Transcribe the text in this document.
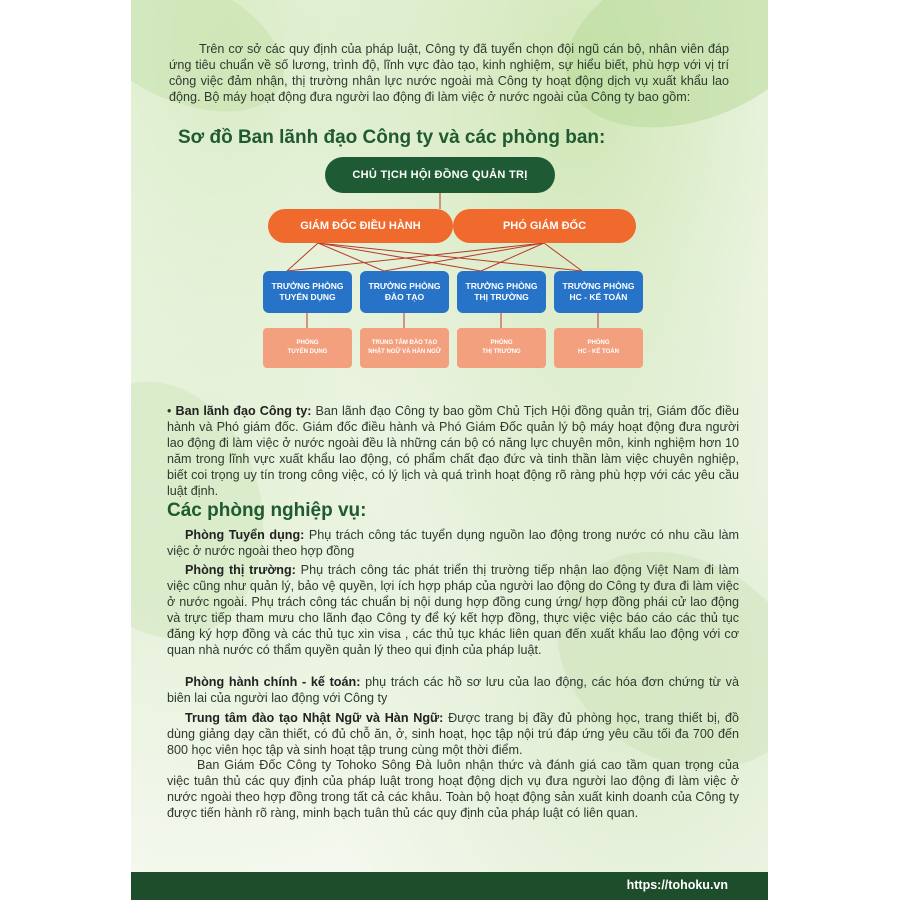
Trên cơ sở các quy định của pháp luật, Công ty đã tuyển chọn đội ngũ cán bộ, nhân viên đáp ứng tiêu chuẩn về số lương, trình độ, lĩnh vực đào tạo, kinh nghiệm, sự hiểu biết, phù hợp với vị trí công việc đảm nhận, thị trường nhân lực nước ngoài mà Công ty hoạt động dịch vụ xuất khẩu lao động. Bộ máy hoạt động đưa người lao động đi làm việc ở nước ngoài của Công ty bao gồm:

Sơ đồ Ban lãnh đạo Công ty và các phòng ban:
CHỦ TỊCH HỘI ĐỒNG QUẢN TRỊ
GIÁM ĐỐC ĐIỀU HÀNH	PHÓ GIÁM ĐỐC
TRƯỞNG PHÒNG
TUYỂN DỤNG
TRƯỞNG PHÒNG
ĐÀO TẠO
TRƯỞNG PHÒNG
THỊ TRƯỜNG
TRƯỞNG PHÒNG
HC - KẾ TOÁN
PHÒNG
TUYỂN DỤNG
TRUNG TÂM ĐÀO TẠO
NHẬT NGỮ VÀ HÀN NGỮ
PHÒNG
THỊ TRƯỜNG
PHÒNG
HC - KẾ TOÁN

• Ban lãnh đạo Công ty: Ban lãnh đạo Công ty bao gồm Chủ Tịch Hội đồng quản trị, Giám đốc điều hành và Phó giám đốc. Giám đốc điều hành và Phó Giám Đốc quản lý bộ máy hoạt động đưa người lao động đi làm việc ở nước ngoài đều là những cán bộ có năng lực chuyên môn, kinh nghiệm hơn 10 năm trong lĩnh vực xuất khẩu lao động, có phẩm chất đạo đức và tinh thần làm việc chuyên nghiệp, biết coi trọng uy tín trong công việc, có lý lịch và quá trình hoạt động rõ ràng phù hợp với các yêu cầu luật định.

Các phòng nghiệp vụ:

Phòng Tuyển dụng: Phụ trách công tác tuyển dụng nguồn lao động trong nước có nhu cầu làm việc ở nước ngoài theo hợp đồng

Phòng thị trường: Phụ trách công tác phát triển thị trường tiếp nhận lao động Việt Nam đi làm việc cũng như quản lý, bảo vệ quyền, lợi ích hợp pháp của người lao động do Công ty đưa đi làm việc ở nước ngoài. Phụ trách công tác chuẩn bị nội dung hợp đồng cung ứng/ hợp đồng phái cử lao động và trực tiếp tham mưu cho lãnh đạo Công ty để ký kết hợp đồng, thực việc việc báo cáo các thủ tục đăng ký hợp đồng và các thủ tục xin visa , các thủ tục khác liên quan đến xuất khẩu lao động với cơ quan nhà nước có thẩm quyền quản lý theo qui định của pháp luật.

Phòng hành chính - kế toán: phụ trách các hồ sơ lưu của lao động, các hóa đơn chứng từ và biên lai của người lao động với Công ty

Trung tâm đào tạo Nhật Ngữ và Hàn Ngữ: Được trang bị đầy đủ phòng học, trang thiết bị, đồ dùng giảng dạy cần thiết, có đủ chỗ ăn, ở, sinh hoạt, học tập nội trú đáp ứng yêu cầu tối đa 700 đến 800 học viên học tập và sinh hoạt tập trung cùng một thời điểm.

Ban Giám Đốc Công ty Tohoko Sông Đà luôn nhận thức và đánh giá cao tầm quan trọng của việc tuân thủ các quy định của pháp luật trong hoạt động dịch vụ đưa người lao động đi làm việc ở nước ngoài theo hợp đồng trong tất cả các khâu. Toàn bộ hoạt động sản xuất kinh doanh của Công ty được tiến hành rõ ràng, minh bạch tuân thủ các quy định của pháp luật có liên quan.

https://tohoku.vn
